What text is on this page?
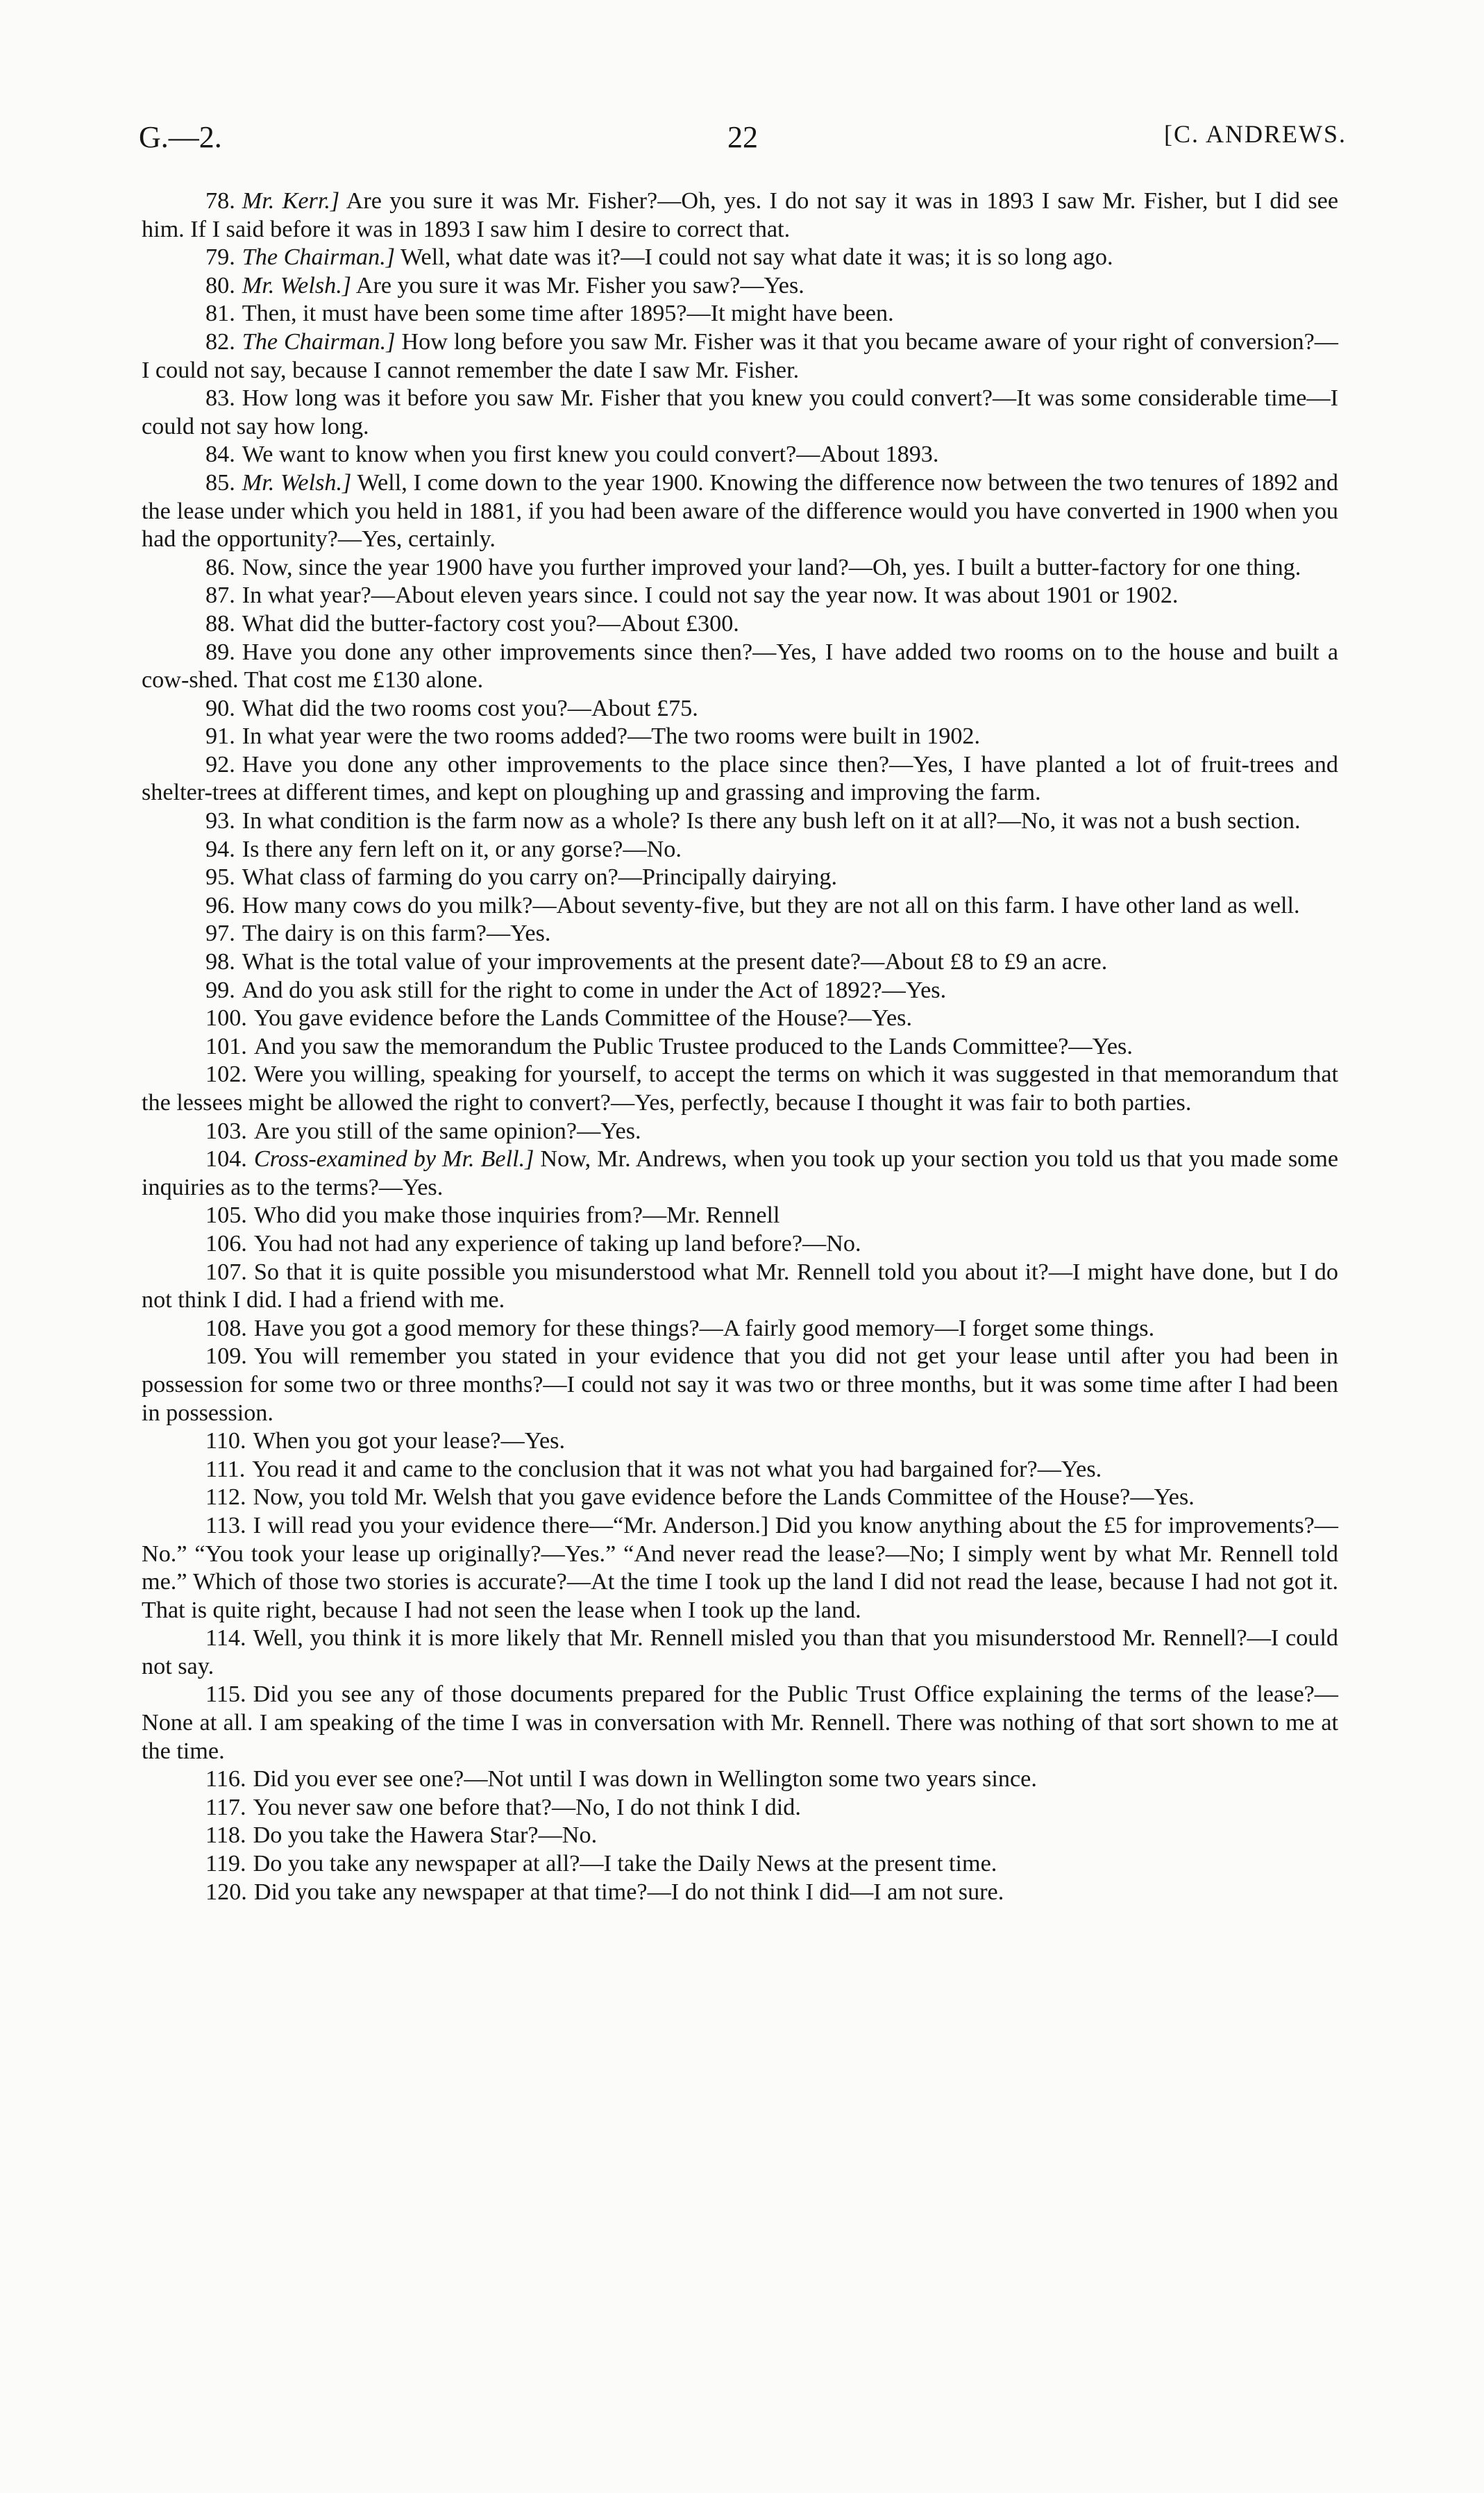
G.—2.	22	[C. ANDREWS.

78. Mr. Kerr.] Are you sure it was Mr. Fisher?—Oh, yes. I do not say it was in 1893 I saw Mr. Fisher, but I did see him. If I said before it was in 1893 I saw him I desire to correct that.

79. The Chairman.] Well, what date was it?—I could not say what date it was; it is so long ago.

80. Mr. Welsh.] Are you sure it was Mr. Fisher you saw?—Yes.

81. Then, it must have been some time after 1895?—It might have been.

82. The Chairman.] How long before you saw Mr. Fisher was it that you became aware of your right of conversion?—I could not say, because I cannot remember the date I saw Mr. Fisher.

83. How long was it before you saw Mr. Fisher that you knew you could convert?—It was some considerable time—I could not say how long.

84. We want to know when you first knew you could convert?—About 1893.

85. Mr. Welsh.] Well, I come down to the year 1900. Knowing the difference now between the two tenures of 1892 and the lease under which you held in 1881, if you had been aware of the difference would you have converted in 1900 when you had the opportunity?—Yes, certainly.

86. Now, since the year 1900 have you further improved your land?—Oh, yes. I built a butter-factory for one thing.

87. In what year?—About eleven years since. I could not say the year now. It was about 1901 or 1902.

88. What did the butter-factory cost you?—About £300.

89. Have you done any other improvements since then?—Yes, I have added two rooms on to the house and built a cow-shed. That cost me £130 alone.

90. What did the two rooms cost you?—About £75.

91. In what year were the two rooms added?—The two rooms were built in 1902.

92. Have you done any other improvements to the place since then?—Yes, I have planted a lot of fruit-trees and shelter-trees at different times, and kept on ploughing up and grassing and improving the farm.

93. In what condition is the farm now as a whole? Is there any bush left on it at all?—No, it was not a bush section.

94. Is there any fern left on it, or any gorse?—No.

95. What class of farming do you carry on?—Principally dairying.

96. How many cows do you milk?—About seventy-five, but they are not all on this farm. I have other land as well.

97. The dairy is on this farm?—Yes.

98. What is the total value of your improvements at the present date?—About £8 to £9 an acre.

99. And do you ask still for the right to come in under the Act of 1892?—Yes.

100. You gave evidence before the Lands Committee of the House?—Yes.

101. And you saw the memorandum the Public Trustee produced to the Lands Committee?—Yes.

102. Were you willing, speaking for yourself, to accept the terms on which it was suggested in that memorandum that the lessees might be allowed the right to convert?—Yes, perfectly, because I thought it was fair to both parties.

103. Are you still of the same opinion?—Yes.

104. Cross-examined by Mr. Bell.] Now, Mr. Andrews, when you took up your section you told us that you made some inquiries as to the terms?—Yes.

105. Who did you make those inquiries from?—Mr. Rennell

106. You had not had any experience of taking up land before?—No.

107. So that it is quite possible you misunderstood what Mr. Rennell told you about it?—I might have done, but I do not think I did. I had a friend with me.

108. Have you got a good memory for these things?—A fairly good memory—I forget some things.

109. You will remember you stated in your evidence that you did not get your lease until after you had been in possession for some two or three months?—I could not say it was two or three months, but it was some time after I had been in possession.

110. When you got your lease?—Yes.

111. You read it and came to the conclusion that it was not what you had bargained for?—Yes.

112. Now, you told Mr. Welsh that you gave evidence before the Lands Committee of the House?—Yes.

113. I will read you your evidence there—“Mr. Anderson.] Did you know anything about the £5 for improvements?—No.” “You took your lease up originally?—Yes.” “And never read the lease?—No; I simply went by what Mr. Rennell told me.” Which of those two stories is accurate?—At the time I took up the land I did not read the lease, because I had not got it. That is quite right, because I had not seen the lease when I took up the land.

114. Well, you think it is more likely that Mr. Rennell misled you than that you misunderstood Mr. Rennell?—I could not say.

115. Did you see any of those documents prepared for the Public Trust Office explaining the terms of the lease?—None at all. I am speaking of the time I was in conversation with Mr. Rennell. There was nothing of that sort shown to me at the time.

116. Did you ever see one?—Not until I was down in Wellington some two years since.

117. You never saw one before that?—No, I do not think I did.

118. Do you take the Hawera Star?—No.

119. Do you take any newspaper at all?—I take the Daily News at the present time.

120. Did you take any newspaper at that time?—I do not think I did—I am not sure.
